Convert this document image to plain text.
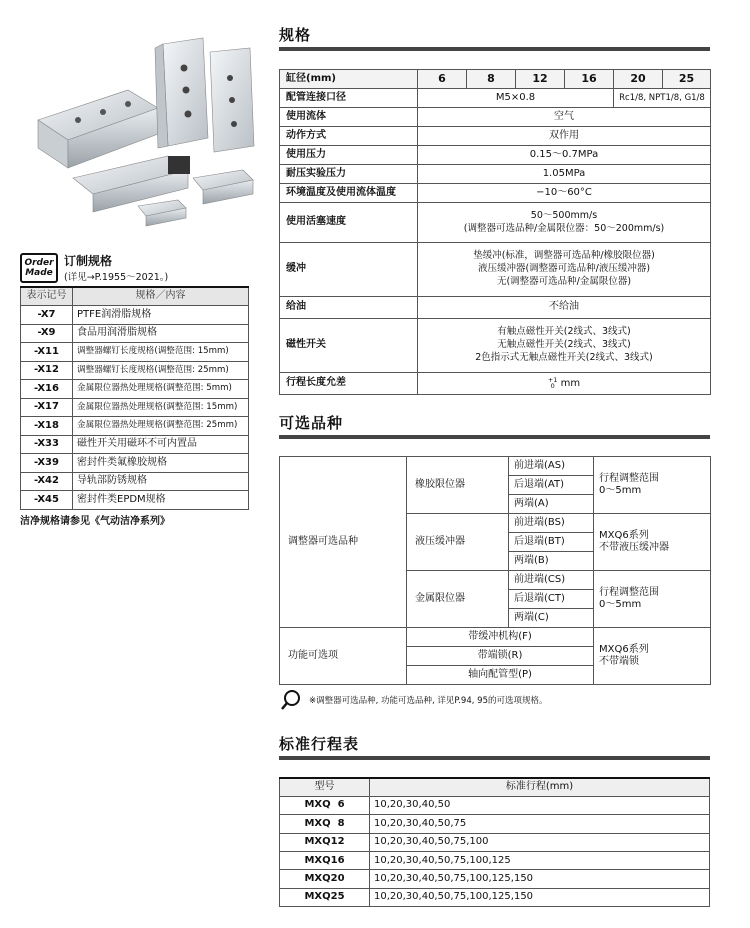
Order
Made
订制规格
(详见→P.1955～2021。)
表示记号	规格／内容
-X7	PTFE润滑脂规格
-X9	食品用润滑脂规格
-X11	调整器螺钉长度规格(调整范围: 15mm)
-X12	调整器螺钉长度规格(调整范围: 25mm)
-X16	金属限位器热处理规格(调整范围: 5mm)
-X17	金属限位器热处理规格(调整范围: 15mm)
-X18	金属限位器热处理规格(调整范围: 25mm)
-X33	磁性开关用磁环不可内置品
-X39	密封件类氟橡胶规格
-X42	导轨部防锈规格
-X45	密封件类EPDM规格
洁净规格请参见《气动洁净系列》
规格
缸径(mm)	6	8	12	16	20	25
配管连接口径	M5×0.8				Rc1/8, NPT1/8, G1/8	
使用流体	空气					
动作方式	双作用					
使用压力	0.15～0.7MPa					
耐压实验压力	1.05MPa					
环境温度及使用流体温度	−10～60°C					
使用活塞速度	50～500mm/s
(调整器可选品种/金属限位器：50～200mm/s)					

缓冲	垫缓冲(标准，调整器可选品种/橡胶限位器)
液压缓冲器(调整器可选品种/液压缓冲器)
无(调整器可选品种/金属限位器)					

给油	不给油					
磁性开关	有触点磁性开关(2线式、3线式)
无触点磁性开关(2线式、3线式)
2色指示式无触点磁性开关(2线式、3线式)					

行程长度允差	+1
0 mm					
可选品种
调整器可选品种	橡胶限位器	前进端(AS)	行程调整范围
0～5mm

		后退端(AT)	
		两端(A)	
	液压缓冲器	前进端(BS)	MXQ6系列
不带液压缓冲器

		后退端(BT)	
		两端(B)	
	金属限位器	前进端(CS)	行程调整范围
0～5mm

		后退端(CT)	
		两端(C)	
功能可选项	带缓冲机构(F)		MXQ6系列
不带端锁

	带端锁(R)		
	轴向配管型(P)		
※调整器可选品种, 功能可选品种, 详见P.94, 95的可选项规格。
标准行程表
型号	标准行程(mm)
MXQ  6	10,20,30,40,50
MXQ  8	10,20,30,40,50,75
MXQ12	10,20,30,40,50,75,100
MXQ16	10,20,30,40,50,75,100,125
MXQ20	10,20,30,40,50,75,100,125,150
MXQ25	10,20,30,40,50,75,100,125,150
